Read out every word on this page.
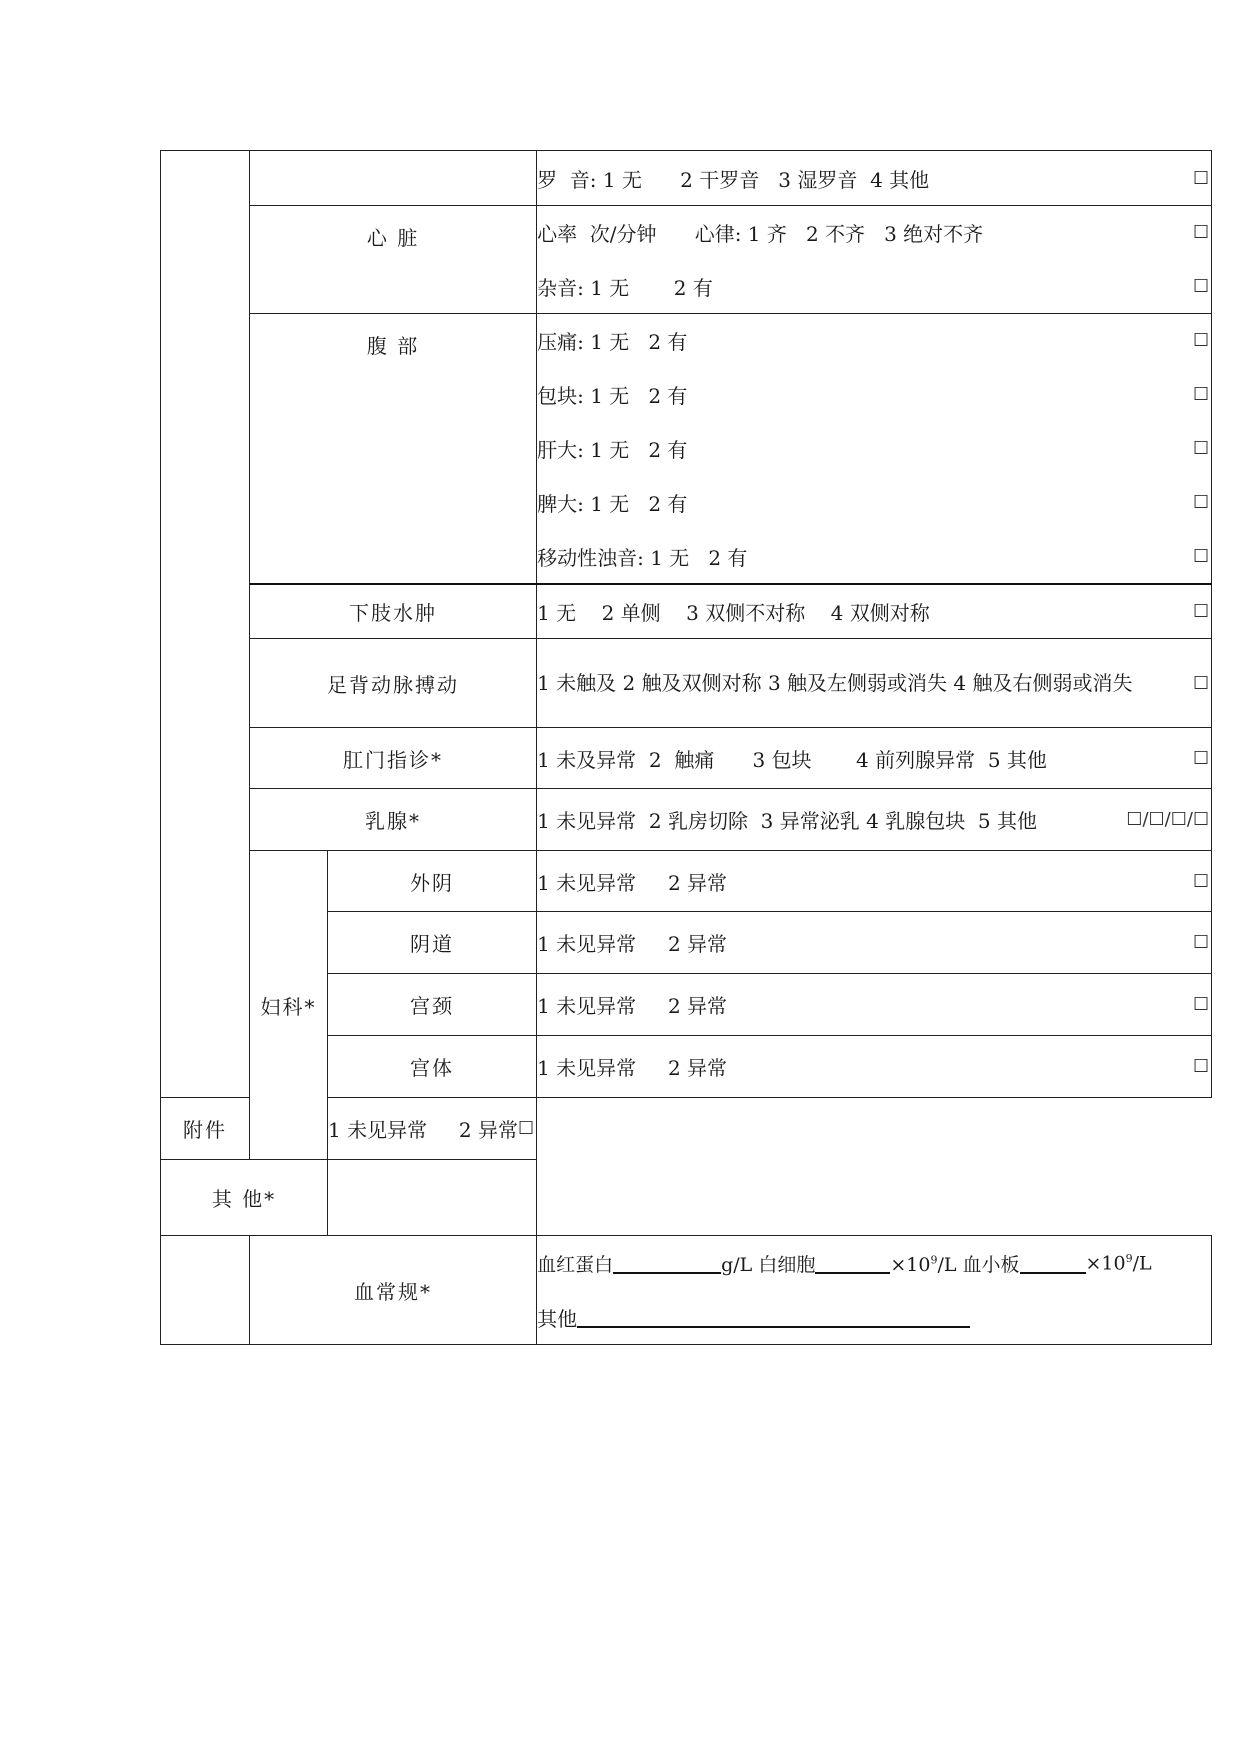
			罗  音: 1 无      2 干罗音   3 湿罗音  4 其他 ☐

	心 脏		心率  次/分钟      心律: 1 齐   2 不齐   3 绝对不齐 ☐

			杂音: 1 无       2 有 ☐

	腹 部		压痛: 1 无   2 有 ☐

			包块: 1 无   2 有 ☐

			肝大: 1 无   2 有 ☐

			脾大: 1 无   2 有 ☐

			移动性浊音: 1 无   2 有 ☐

	下肢水肿		1 无    2 单侧    3 双侧不对称    4 双侧对称 ☐

	足背动脉搏动		1 未触及 2 触及双侧对称 3 触及左侧弱或消失 4 触及右侧弱或消失 ☐

	肛门指诊*		1 未及异常  2  触痛      3 包块       4 前列腺异常  5 其他 ☐

	乳腺*		1 未见异常  2 乳房切除  3 异常泌乳 4 乳腺包块  5 其他 ☐/☐/☐/☐

	妇科*	外阴	1 未见异常     2 异常 ☐

		阴道	1 未见异常     2 异常 ☐

		宫颈	1 未见异常     2 异常 ☐

		宫体	1 未见异常     2 异常 ☐

附件		1 未见异常     2 异常 ☐	

其 他*			
	血常规*		血红蛋白 g/L 白细胞 $\times 10^9/L$ 血小板 $\times 10^9/L$
其他
